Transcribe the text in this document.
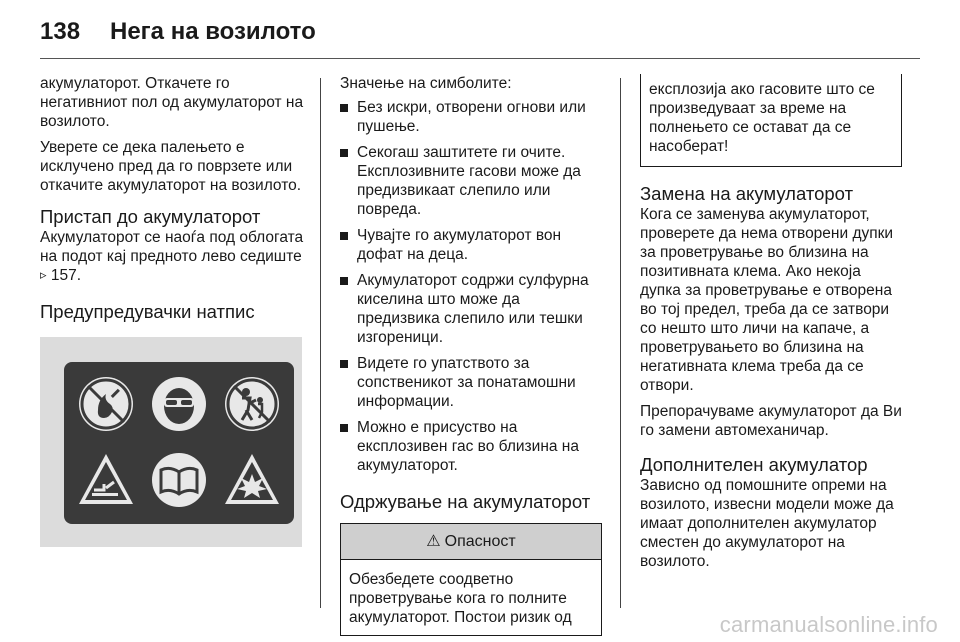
138	Нега на возилото

акумулаторот. Откачете го негативниот пол од акумулаторот на возилото.

Уверете се дека палењето е исклучено пред да го поврзете или откачите акумулаторот на возилото.

Пристап до акумулаторот

Акумулаторот се наоѓа под облогата на подот кај предното лево седиште ▹ 157.

Предупредувачки натпис

Значење на симболите:

Без искри, отворени огнови или пушење.
Секогаш заштитете ги очите. Експлозивните гасови може да предизвикаат слепило или повреда.
Чувајте го акумулаторот вон дофат на деца.
Акумулаторот содржи сулфурна киселина што може да предизвика слепило или тешки изгореници.
Видете го упатството за сопственикот за понатамошни информации.
Можно е присуство на експлозивен гас во близина на акумулаторот.
Одржување на акумулаторот
⚠ Опасност
Обезбедете соодветно проветрување кога го полните акумулаторот. Постои ризик од
експлозија ако гасовите што се произведуваат за време на полнењето се остават да се насоберат!
Замена на акумулаторот

Кога се заменува акумулаторот, проверете да нема отворени дупки за проветрување во близина на позитивната клема. Ако некоја дупка за проветрување е отворена во тој предел, треба да се затвори со нешто што личи на капаче, а проветрувањето во близина на негативната клема треба да се отвори.

Препорачуваме акумулаторот да Ви го замени автомеханичар.

Дополнителен акумулатор

Зависно од помошните опреми на возилото, извесни модели може да имаат дополнителен акумулатор сместен до акумулаторот на возилото.

carmanualsonline.info
